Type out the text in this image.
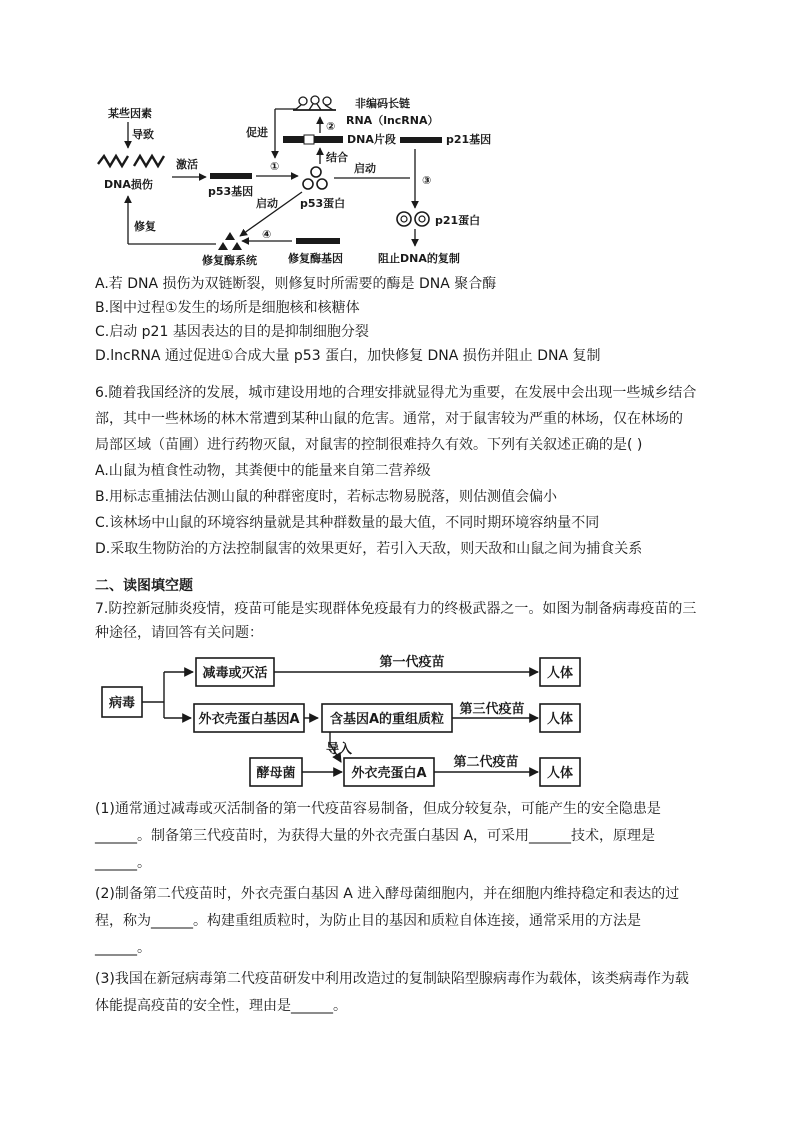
某些因素
导致
DNA损伤
激活
p53基因
①
促进
非编码长链
RNA（lncRNA）
②
DNA片段	p21基因
结合
启动
③
启动 p53蛋白
p21蛋白
阻止DNA的复制
④
修复酶基因
修复酶系统
修复
A.若 DNA 损伤为双链断裂，则修复时所需要的酶是 DNA 聚合酶
B.图中过程①发生的场所是细胞核和核糖体
C.启动 p21 基因表达的目的是抑制细胞分裂
D.lncRNA 通过促进①合成大量 p53 蛋白，加快修复 DNA 损伤并阻止 DNA 复制
6.随着我国经济的发展，城市建设用地的合理安排就显得尤为重要，在发展中会出现一些城乡结合
部，其中一些林场的林木常遭到某种山鼠的危害。通常，对于鼠害较为严重的林场，仅在林场的
局部区域（苗圃）进行药物灭鼠，对鼠害的控制很难持久有效。下列有关叙述正确的是( )
A.山鼠为植食性动物，其粪便中的能量来自第二营养级
B.用标志重捕法估测山鼠的种群密度时，若标志物易脱落，则估测值会偏小
C.该林场中山鼠的环境容纳量就是其种群数量的最大值，不同时期环境容纳量不同
D.采取生物防治的方法控制鼠害的效果更好，若引入天敌，则天敌和山鼠之间为捕食关系
二、读图填空题
7.防控新冠肺炎疫情，疫苗可能是实现群体免疫最有力的终极武器之一。如图为制备病毒疫苗的三
种途径，请回答有关问题：
病毒
减毒或灭活
第一代疫苗
人体
外衣壳蛋白基因A 含基因A的重组质粒
第三代疫苗
人体
导入
酵母菌	外衣壳蛋白A
第二代疫苗
人体
(1)通常通过减毒或灭活制备的第一代疫苗容易制备，但成分较复杂，可能产生的安全隐患是
______。制备第三代疫苗时，为获得大量的外衣壳蛋白基因 A，可采用______技术，原理是
______。
(2)制备第二代疫苗时，外衣壳蛋白基因 A 进入酵母菌细胞内，并在细胞内维持稳定和表达的过
程，称为______。构建重组质粒时，为防止目的基因和质粒自体连接，通常采用的方法是
______。
(3)我国在新冠病毒第二代疫苗研发中利用改造过的复制缺陷型腺病毒作为载体，该类病毒作为载
体能提高疫苗的安全性，理由是______。
